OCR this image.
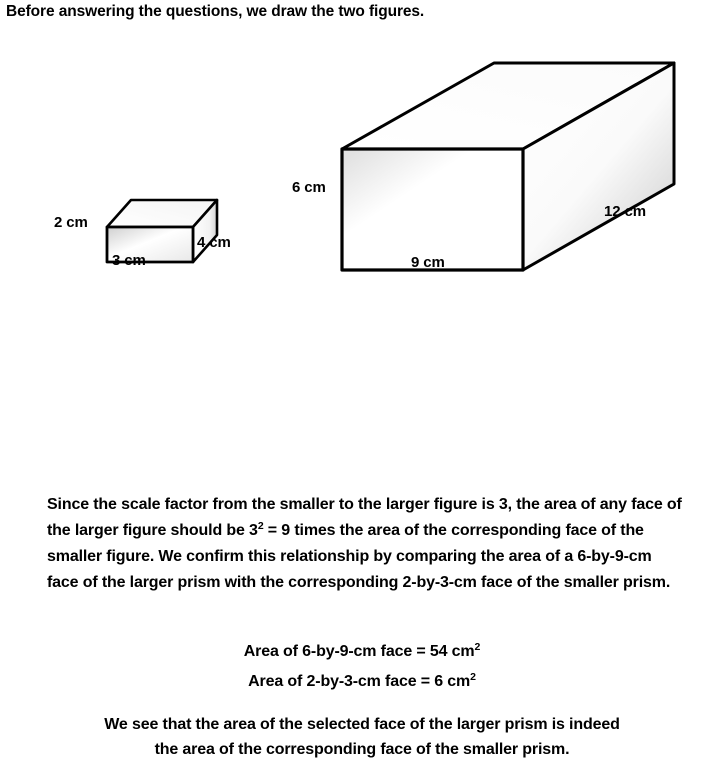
Before answering the questions, we draw the two figures.
2 cm
3 cm
4 cm
6 cm
9 cm
12 cm
Since the scale factor from the smaller to the larger figure is 3, the area of any face of the larger figure should be $3^2 = 9$ times the area of the corresponding face of the smaller figure. We confirm this relationship by comparing the area of a 6-by-9-cm face of the larger prism with the corresponding 2-by-3-cm face of the smaller prism.
Area of 6-by-9-cm face = 54 $cm^2$
Area of 2-by-3-cm face = 6 $cm^2$
We see that the area of the selected face of the larger prism is indeed
the area of the corresponding face of the smaller prism.
